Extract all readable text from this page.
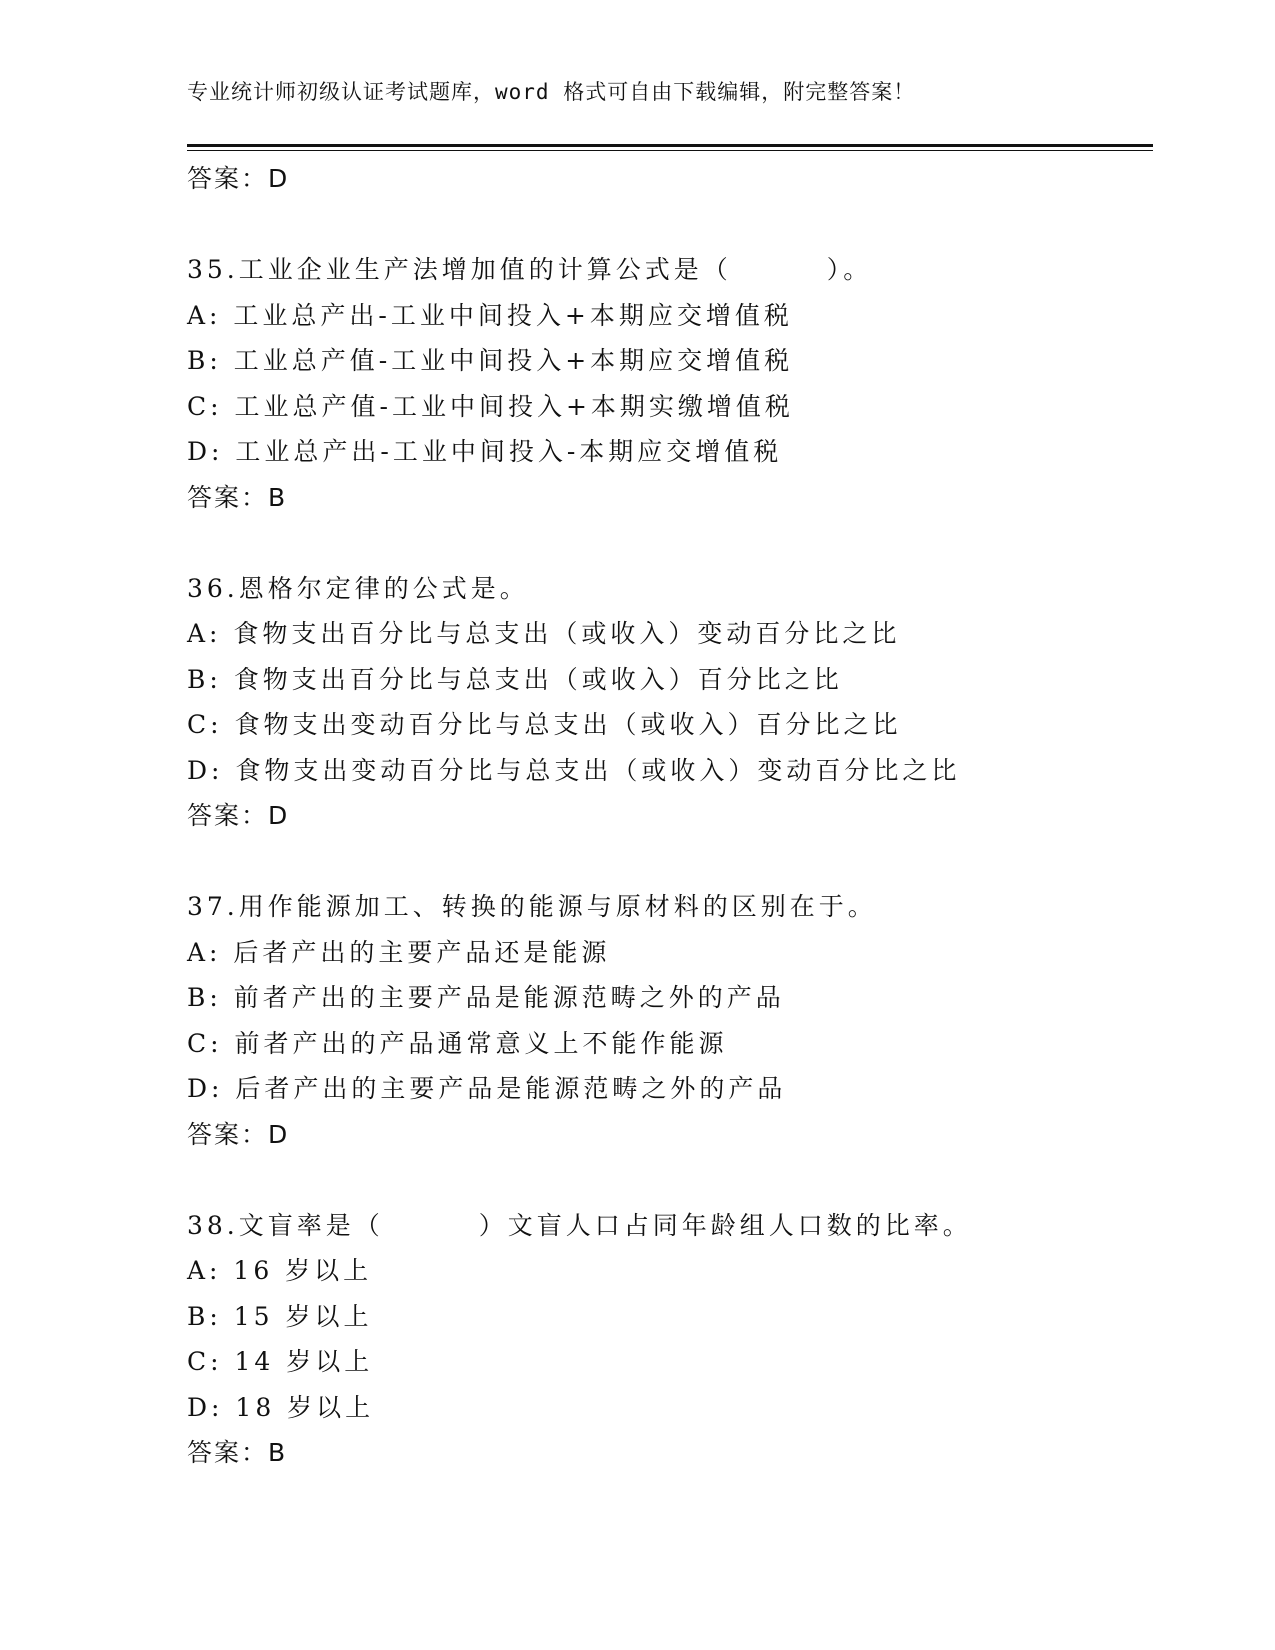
专业统计师初级认证考试题库，word 格式可自由下载编辑，附完整答案！
答案：D
35.工业企业生产法增加值的计算公式是（	）。
A: 工业总产出-工业中间投入+本期应交增值税
B: 工业总产值-工业中间投入+本期应交增值税
C: 工业总产值-工业中间投入+本期实缴增值税
D: 工业总产出-工业中间投入-本期应交增值税
答案：B
36.恩格尔定律的公式是。
A: 食物支出百分比与总支出（或收入）变动百分比之比
B: 食物支出百分比与总支出（或收入）百分比之比
C: 食物支出变动百分比与总支出（或收入）百分比之比
D: 食物支出变动百分比与总支出（或收入）变动百分比之比
答案：D
37.用作能源加工、转换的能源与原材料的区别在于。
A: 后者产出的主要产品还是能源
B: 前者产出的主要产品是能源范畴之外的产品
C: 前者产出的产品通常意义上不能作能源
D: 后者产出的主要产品是能源范畴之外的产品
答案：D
38.文盲率是（	）文盲人口占同年龄组人口数的比率。
A: 16 岁以上
B: 15 岁以上
C: 14 岁以上
D: 18 岁以上
答案：B
